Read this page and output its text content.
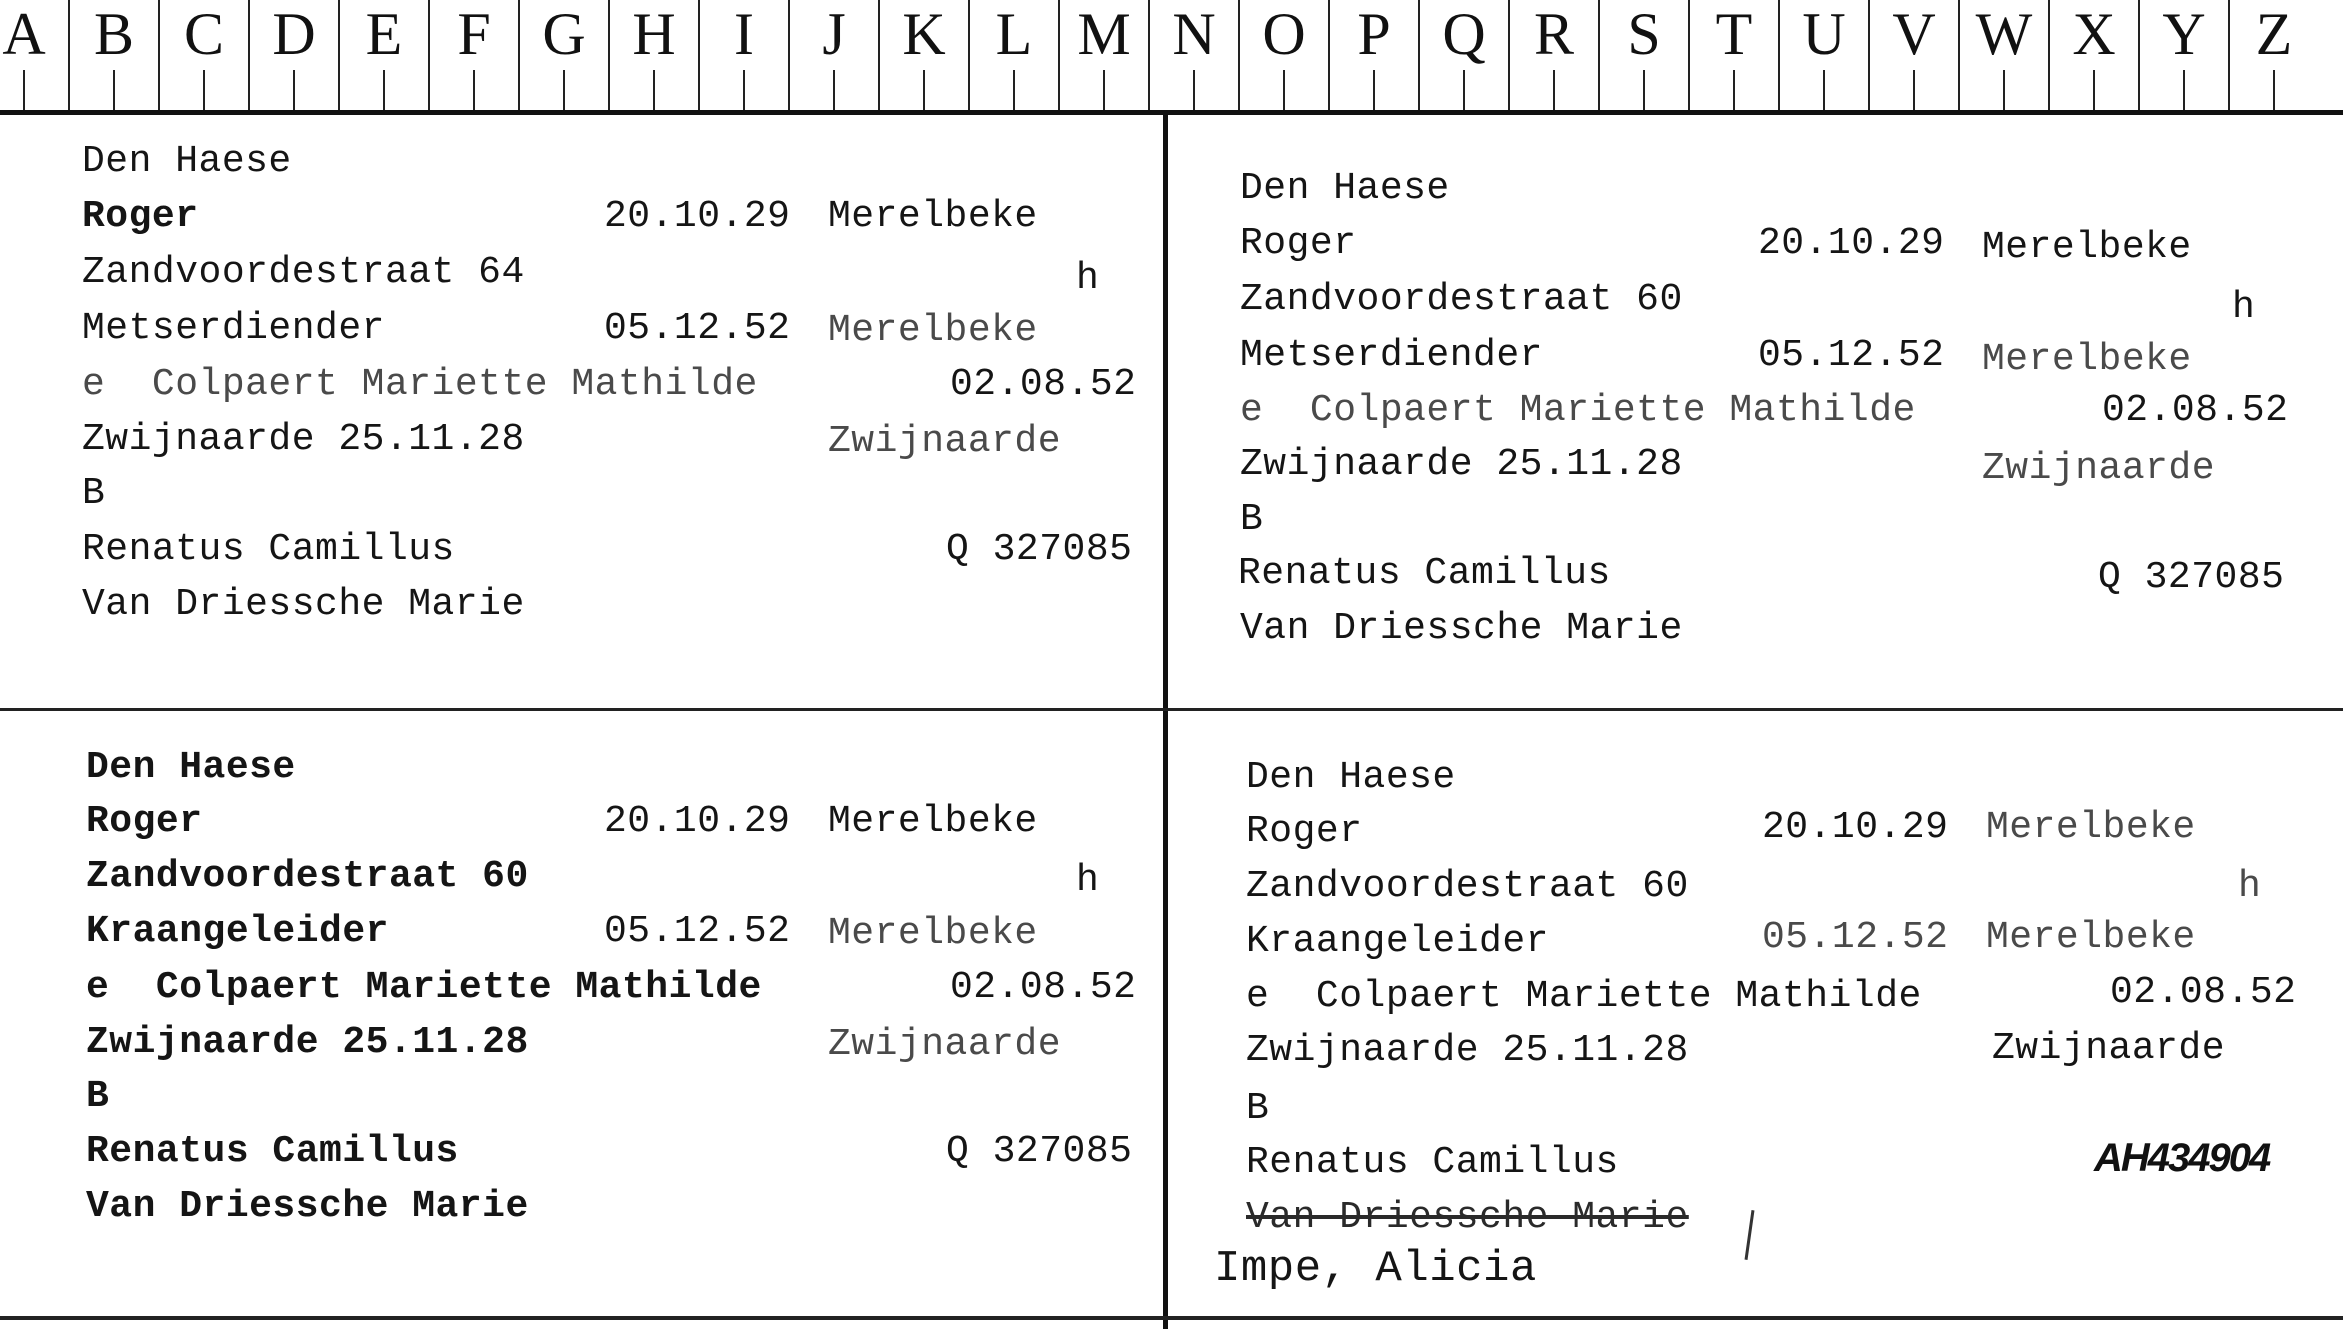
A B C D E F G H I	J K L M N O P Q R S T U V W X Y Z
Den Haese
Roger	20.10.29 Merelbeke
Zandvoordestraat 64	h
Metserdiender	05.12.52 Merelbeke
e  Colpaert Mariette Mathilde	02.08.52
Zwijnaarde 25.11.28	Zwijnaarde
B
Renatus Camillus	Q 327085
Van Driessche Marie
Den Haese
Roger	20.10.29 Merelbeke
Zandvoordestraat 60	h
Metserdiender	05.12.52 Merelbeke
e  Colpaert Mariette Mathilde	02.08.52
Zwijnaarde 25.11.28	Zwijnaarde
B
Renatus Camillus	Q 327085
Van Driessche Marie
Den Haese
Roger	20.10.29 Merelbeke
Zandvoordestraat 60	h
Kraangeleider	05.12.52 Merelbeke
e  Colpaert Mariette Mathilde	02.08.52
Zwijnaarde 25.11.28	Zwijnaarde
B
Renatus Camillus	Q 327085
Van Driessche Marie
Den Haese
Roger	20.10.29 Merelbeke
Zandvoordestraat 60	h
Kraangeleider	05.12.52 Merelbeke
e  Colpaert Mariette Mathilde	02.08.52
Zwijnaarde 25.11.28	Zwijnaarde
B
Renatus Camillus	AH434904
Van Driessche Marie
Impe, Alicia
